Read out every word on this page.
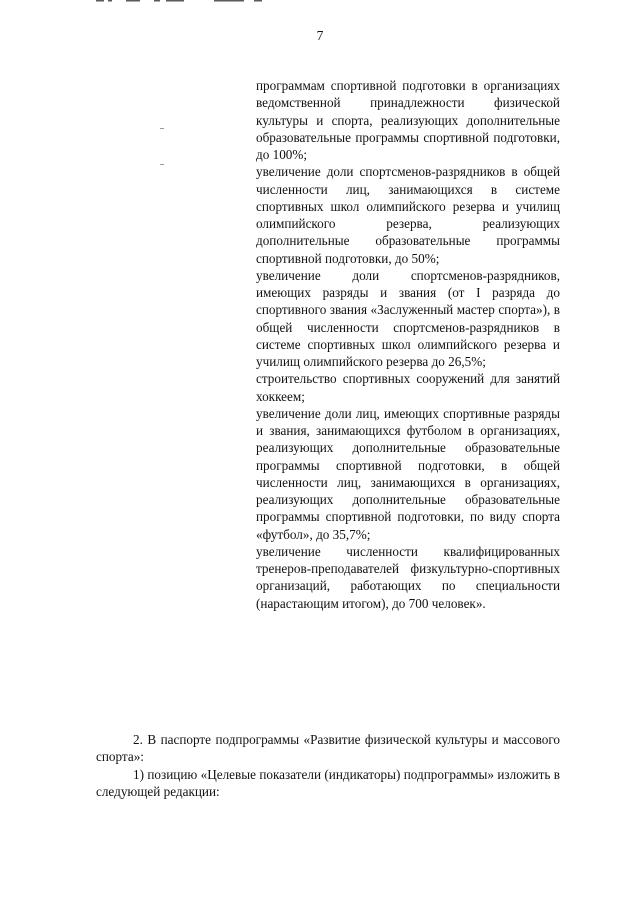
7

программам спортивной подготовки в организациях ведомственной принадлежности физической культуры и спорта, реализующих дополнительные образовательные программы спортивной подготовки, до 100%;

увеличение доли спортсменов-разрядников в общей численности лиц, занимающихся в системе спортивных школ олимпийского резерва и училищ олимпийского резерва, реализующих дополнительные образовательные программы спортивной подготовки, до 50%;

увеличение доли спортсменов-разрядников, имеющих разряды и звания (от I разряда до спортивного звания «Заслуженный мастер спорта»), в общей численности спортсменов-разрядников в системе спортивных школ олимпийского резерва и училищ олимпийского резерва до 26,5%;

строительство спортивных сооружений для занятий хоккеем;

увеличение доли лиц, имеющих спортивные разряды и звания, занимающихся футболом в организациях, реализующих дополнительные образовательные программы спортивной подготовки, в общей численности лиц, занимающихся в организациях, реализующих дополнительные образовательные программы спортивной подготовки, по виду спорта «футбол», до 35,7%;

увеличение численности квалифицированных тренеров-преподавателей физкультурно-спортивных организаций, работающих по специальности (нарастающим итогом), до 700 человек».

2. В паспорте подпрограммы «Развитие физической культуры и массового спорта»:

1) позицию «Целевые показатели (индикаторы) подпрограммы» изложить в следующей редакции:
